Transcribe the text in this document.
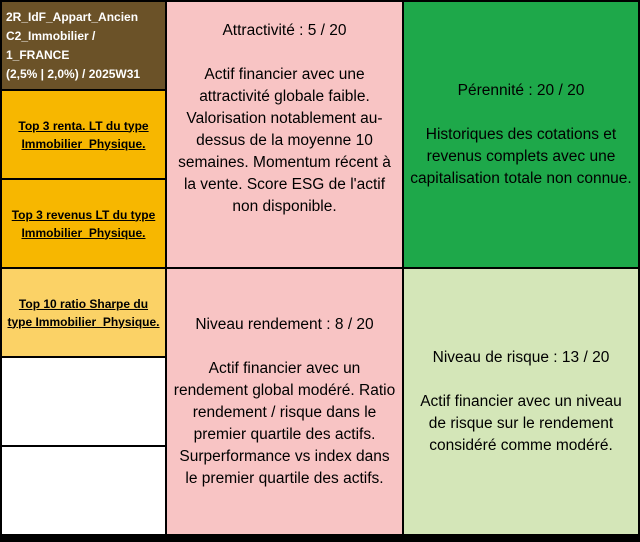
2R_IdF_Appart_Ancien
C2_Immobilier / 1_FRANCE
(2,5% | 2,0%) / 2025W31
Top 3 renta. LT du type
Immobilier_Physique.
Top 3 revenus LT du type
Immobilier_Physique.
Top 10 ratio Sharpe du
type Immobilier_Physique.
Attractivité : 5 / 20
Actif financier avec une attractivité globale faible. Valorisation notablement au-dessus de la moyenne 10 semaines. Momentum récent à la vente. Score ESG de l'actif non disponible.
Pérennité : 20 / 20
Historiques des cotations et revenus complets avec une capitalisation totale non connue.
Niveau rendement : 8 / 20
Actif financier avec un rendement global modéré. Ratio rendement / risque dans le premier quartile des actifs. Surperformance vs index dans le premier quartile des actifs.
Niveau de risque : 13 / 20
Actif financier avec un niveau de risque sur le rendement considéré comme modéré.
